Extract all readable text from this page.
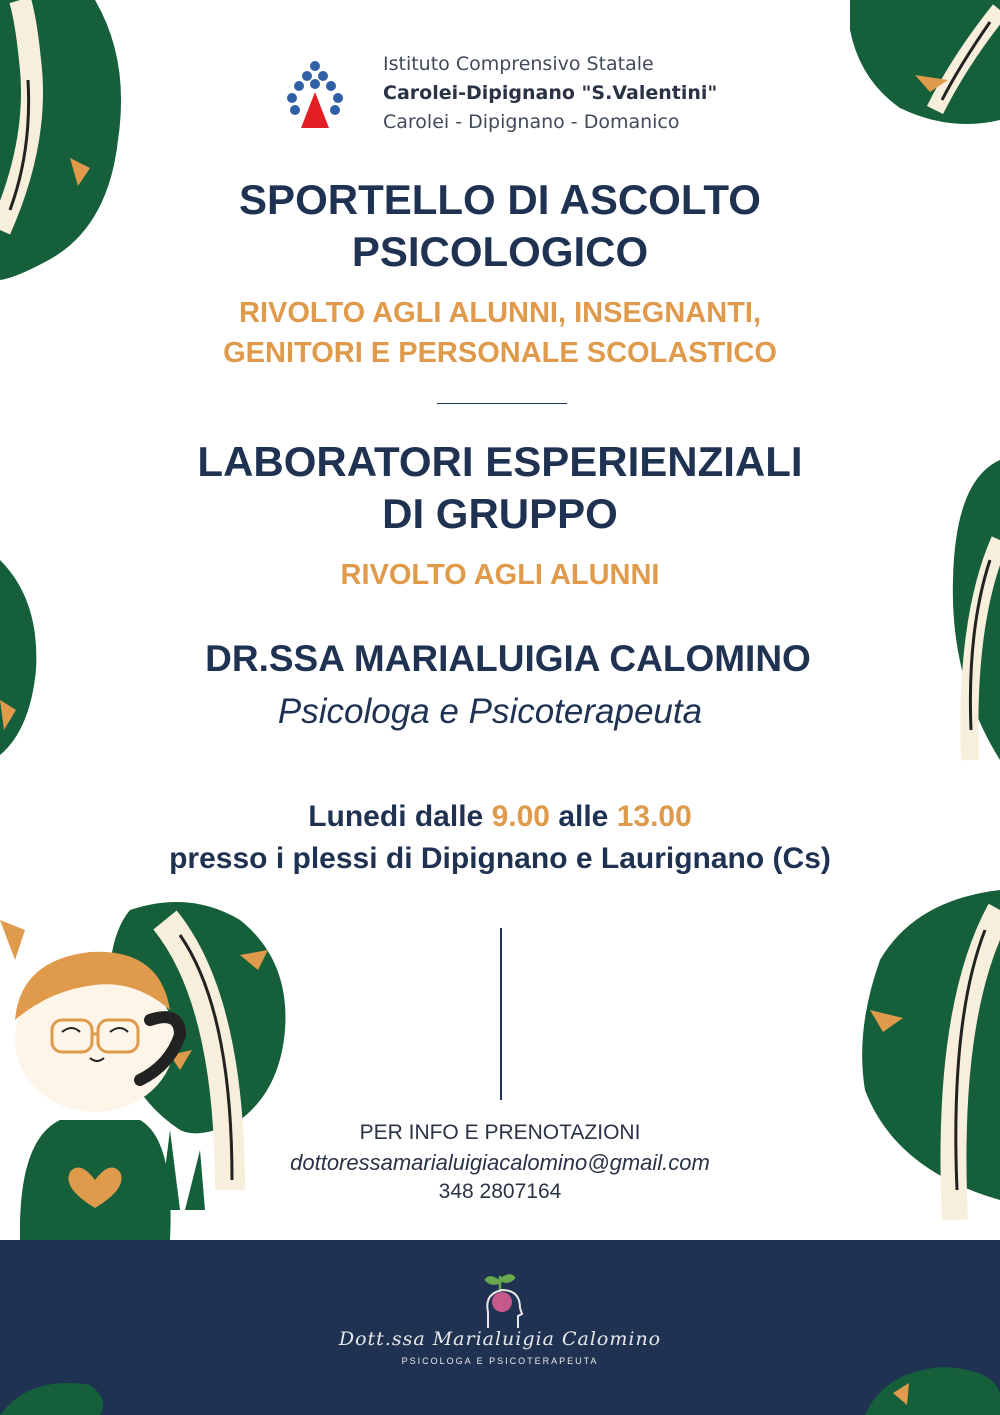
Istituto Comprensivo Statale
Carolei-Dipignano "S.Valentini"
Carolei - Dipignano - Domanico
SPORTELLO DI ASCOLTO
PSICOLOGICO
RIVOLTO AGLI ALUNNI, INSEGNANTI,
GENITORI E PERSONALE SCOLASTICO
LABORATORI ESPERIENZIALI
DI GRUPPO
RIVOLTO AGLI ALUNNI
DR.SSA MARIALUIGIA CALOMINO
Psicologa e Psicoterapeuta
Lunedi dalle 9.00 alle 13.00
presso i plessi di Dipignano e Laurignano (Cs)
PER INFO E PRENOTAZIONI
dottoressamarialuigiacalomino@gmail.com
348 2807164
Dott.ssa Marialuigia Calomino
PSICOLOGA E PSICOTERAPEUTA
